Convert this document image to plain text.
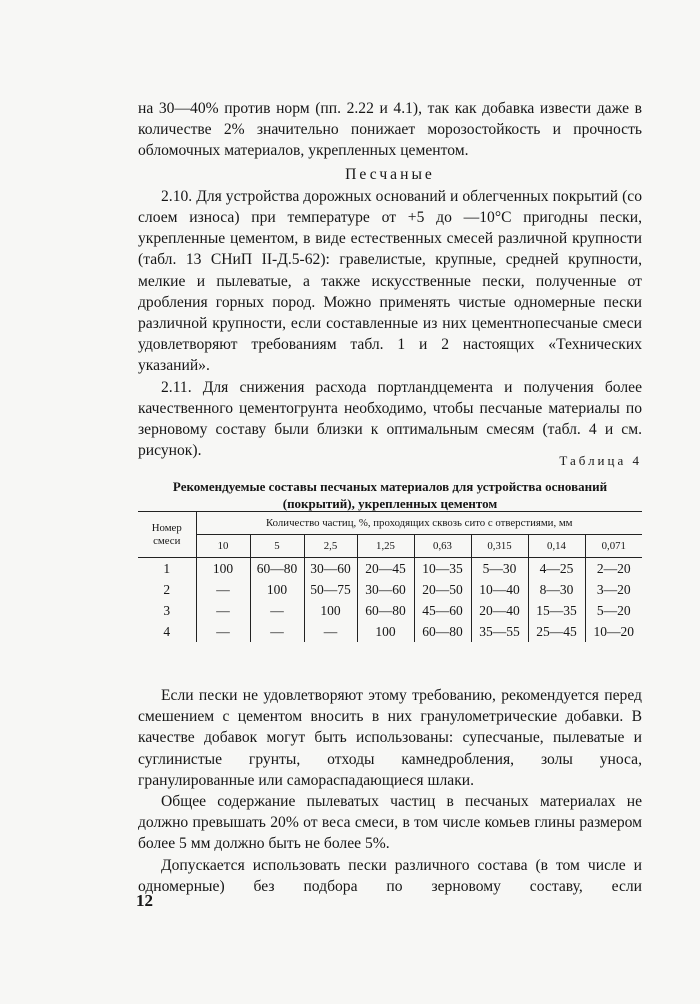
на 30—40% против норм (пп. 2.22 и 4.1), так как добавка извести даже в количестве 2% значительно понижает морозостойкость и прочность обломочных материалов, укрепленных цементом.

Песчаные

2.10. Для устройства дорожных оснований и облегченных покрытий (со слоем износа) при температуре от +5 до —10°С пригодны пески, укрепленные цементом, в виде естественных смесей различной крупности (табл. 13 СНиП II-Д.5-62): гравелистые, крупные, средней крупности, мелкие и пылеватые, а также искусственные пески, полученные от дробления горных пород. Можно применять чистые одномерные пески различной крупности, если составленные из них цементнопесчаные смеси удовлетворяют требованиям табл. 1 и 2 настоящих «Технических указаний».

2.11. Для снижения расхода портландцемента и получения более качественного цементогрунта необходимо, чтобы песчаные материалы по зерновому составу были близки к оптимальным смесям (табл. 4 и см. рисунок).

Таблица 4
Рекомендуемые составы песчаных материалов для устройства оснований (покрытий), укрепленных цементом
Номер смеси	Количество частиц, %, проходящих сквозь сито с отверстиями, мм							
	10	5	2,5	1,25	0,63	0,315	0,14	0,071
1	100	60—80	30—60	20—45	10—35	5—30	4—25	2—20
2	—	100	50—75	30—60	20—50	10—40	8—30	3—20
3	—	—	100	60—80	45—60	20—40	15—35	5—20
4	—	—	—	100	60—80	35—55	25—45	10—20

Если пески не удовлетворяют этому требованию, рекомендуется перед смешением с цементом вносить в них гранулометрические добавки. В качестве добавок могут быть использованы: супесчаные, пылеватые и суглинистые грунты, отходы камнедробления, золы уноса, гранулированные или самораспадающиеся шлаки.

Общее содержание пылеватых частиц в песчаных материалах не должно превышать 20% от веса смеси, в том числе комьев глины размером более 5 мм должно быть не более 5%.

Допускается использовать пески различного состава (в том числе и одномерные) без подбора по зерновому составу, если

12
